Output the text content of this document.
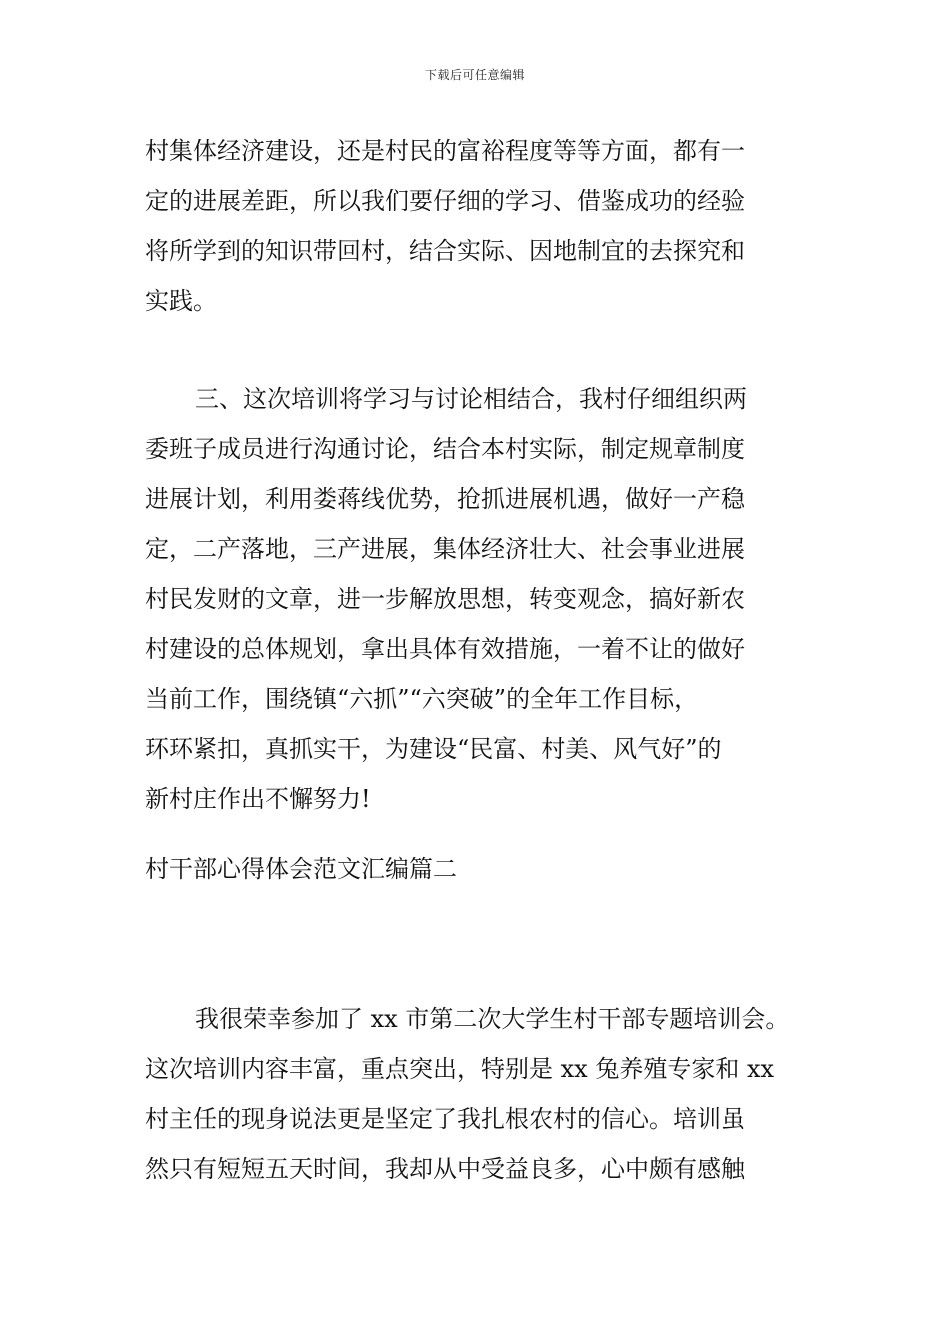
下载后可任意编辑
村集体经济建设，还是村民的富裕程度等等方面，都有一
定的进展差距，所以我们要仔细的学习、借鉴成功的经验
将所学到的知识带回村，结合实际、因地制宜的去探究和
实践。
三、这次培训将学习与讨论相结合，我村仔细组织两
委班子成员进行沟通讨论，结合本村实际，制定规章制度
进展计划，利用娄蒋线优势，抢抓进展机遇，做好一产稳
定，二产落地，三产进展，集体经济壮大、社会事业进展
村民发财的文章，进一步解放思想，转变观念，搞好新农
村建设的总体规划，拿出具体有效措施，一着不让的做好
当前工作，围绕镇“六抓”“六突破”的全年工作目标，
环环紧扣，真抓实干，为建设“民富、村美、风气好”的
新村庄作出不懈努力!
村干部心得体会范文汇编篇二
我很荣幸参加了 xx 市第二次大学生村干部专题培训会。
这次培训内容丰富，重点突出，特别是 xx 兔养殖专家和 xx
村主任的现身说法更是坚定了我扎根农村的信心。培训虽
然只有短短五天时间，我却从中受益良多，心中颇有感触
